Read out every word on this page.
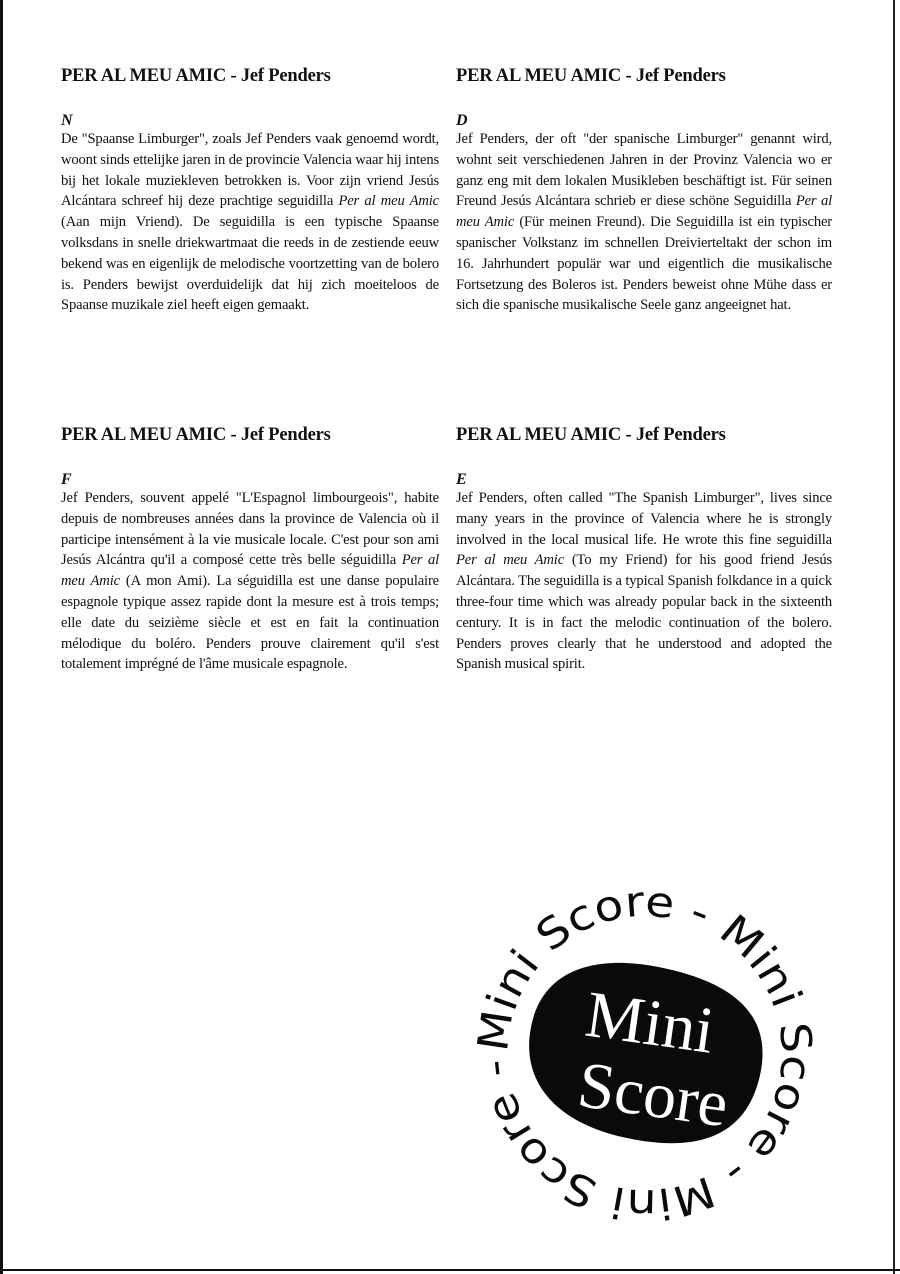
PER AL MEU AMIC - Jef Penders
N

De "Spaanse Limburger", zoals Jef Penders vaak genoemd wordt, woont sinds ettelijke jaren in de provincie Valencia waar hij intens bij het lokale muziekleven betrokken is. Voor zijn vriend Jesús Alcántara schreef hij deze prachtige seguidilla Per al meu Amic (Aan mijn Vriend). De seguidilla is een typische Spaanse volksdans in snelle driekwartmaat die reeds in de zestiende eeuw bekend was en eigenlijk de melodische voortzetting van de bolero is. Penders bewijst overduidelijk dat hij zich moeiteloos de Spaanse muzikale ziel heeft eigen gemaakt.

PER AL MEU AMIC - Jef Penders
D

Jef Penders, der oft "der spanische Limburger" genannt wird, wohnt seit verschiedenen Jahren in der Provinz Valencia wo er ganz eng mit dem lokalen Musikleben beschäftigt ist. Für seinen Freund Jesús Alcántara schrieb er diese schöne Seguidilla Per al meu Amic (Für meinen Freund). Die Seguidilla ist ein typischer spanischer Volkstanz im schnellen Dreivierteltakt der schon im 16. Jahrhundert populär war und eigentlich die musikalische Fortsetzung des Boleros ist. Penders beweist ohne Mühe dass er sich die spanische musikalische Seele ganz angeeignet hat.

PER AL MEU AMIC - Jef Penders
F

Jef Penders, souvent appelé "L'Espagnol limbourgeois", habite depuis de nombreuses années dans la province de Valencia où il participe intensément à la vie musicale locale. C'est pour son ami Jesús Alcántra qu'il a composé cette très belle séguidilla Per al meu Amic (A mon Ami). La séguidilla est une danse populaire espagnole typique assez rapide dont la mesure est à trois temps; elle date du seizième siècle et est en fait la continuation mélodique du boléro. Penders prouve clairement qu'il s'est totalement imprégné de l'âme musicale espagnole.

PER AL MEU AMIC - Jef Penders
E

Jef Penders, often called "The Spanish Limburger", lives since many years in the province of Valencia where he is strongly involved in the local musical life. He wrote this fine seguidilla Per al meu Amic (To my Friend) for his good friend Jesús Alcántara. The seguidilla is a typical Spanish folkdance in a quick three-four time which was already popular back in the sixteenth century. It is in fact the melodic continuation of the bolero. Penders proves clearly that he understood and adopted the Spanish musical spirit.

Mini Score - Mini Score - Mini Score -
Mini
Score
